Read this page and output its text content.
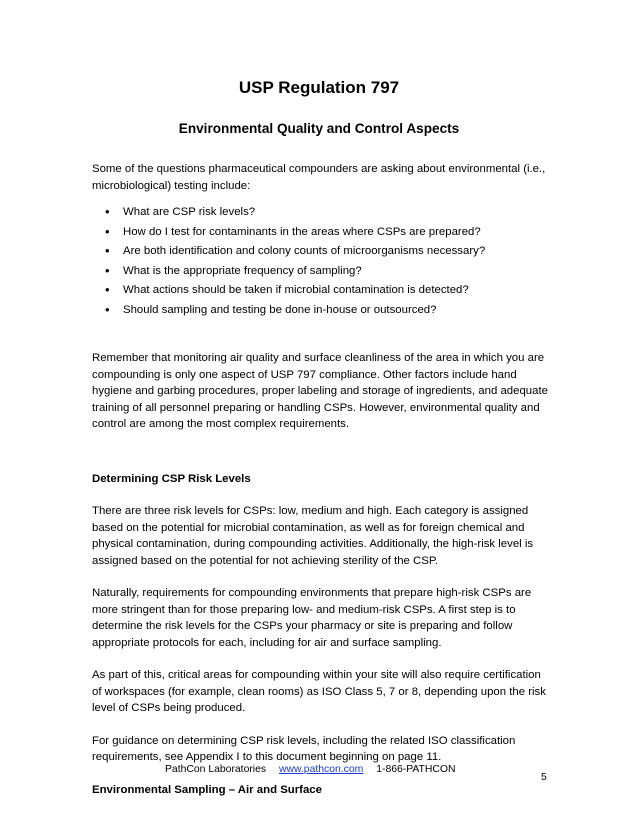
USP Regulation 797
Environmental Quality and Control Aspects

Some of the questions pharmaceutical compounders are asking about environmental (i.e., microbiological) testing include:

• What are CSP risk levels?
• How do I test for contaminants in the areas where CSPs are prepared?
• Are both identification and colony counts of microorganisms necessary?
• What is the appropriate frequency of sampling?
• What actions should be taken if microbial contamination is detected?
• Should sampling and testing be done in-house or outsourced?

Remember that monitoring air quality and surface cleanliness of the area in which you are compounding is only one aspect of USP 797 compliance. Other factors include hand hygiene and garbing procedures, proper labeling and storage of ingredients, and adequate training of all personnel preparing or handling CSPs. However, environmental quality and control are among the most complex requirements.

Determining CSP Risk Levels

There are three risk levels for CSPs: low, medium and high. Each category is assigned based on the potential for microbial contamination, as well as for foreign chemical and physical contamination, during compounding activities. Additionally, the high-risk level is assigned based on the potential for not achieving sterility of the CSP.

Naturally, requirements for compounding environments that prepare high-risk CSPs are more stringent than for those preparing low- and medium-risk CSPs. A first step is to determine the risk levels for the CSPs your pharmacy or site is preparing and follow appropriate protocols for each, including for air and surface sampling.

As part of this, critical areas for compounding within your site will also require certification of workspaces (for example, clean rooms) as ISO Class 5, 7 or 8, depending upon the risk level of CSPs being produced.

For guidance on determining CSP risk levels, including the related ISO classification requirements, see Appendix I to this document beginning on page 11.

Environmental Sampling – Air and Surface

PathCon Laboratories www.pathcon.com 1-866-PATHCON
5
